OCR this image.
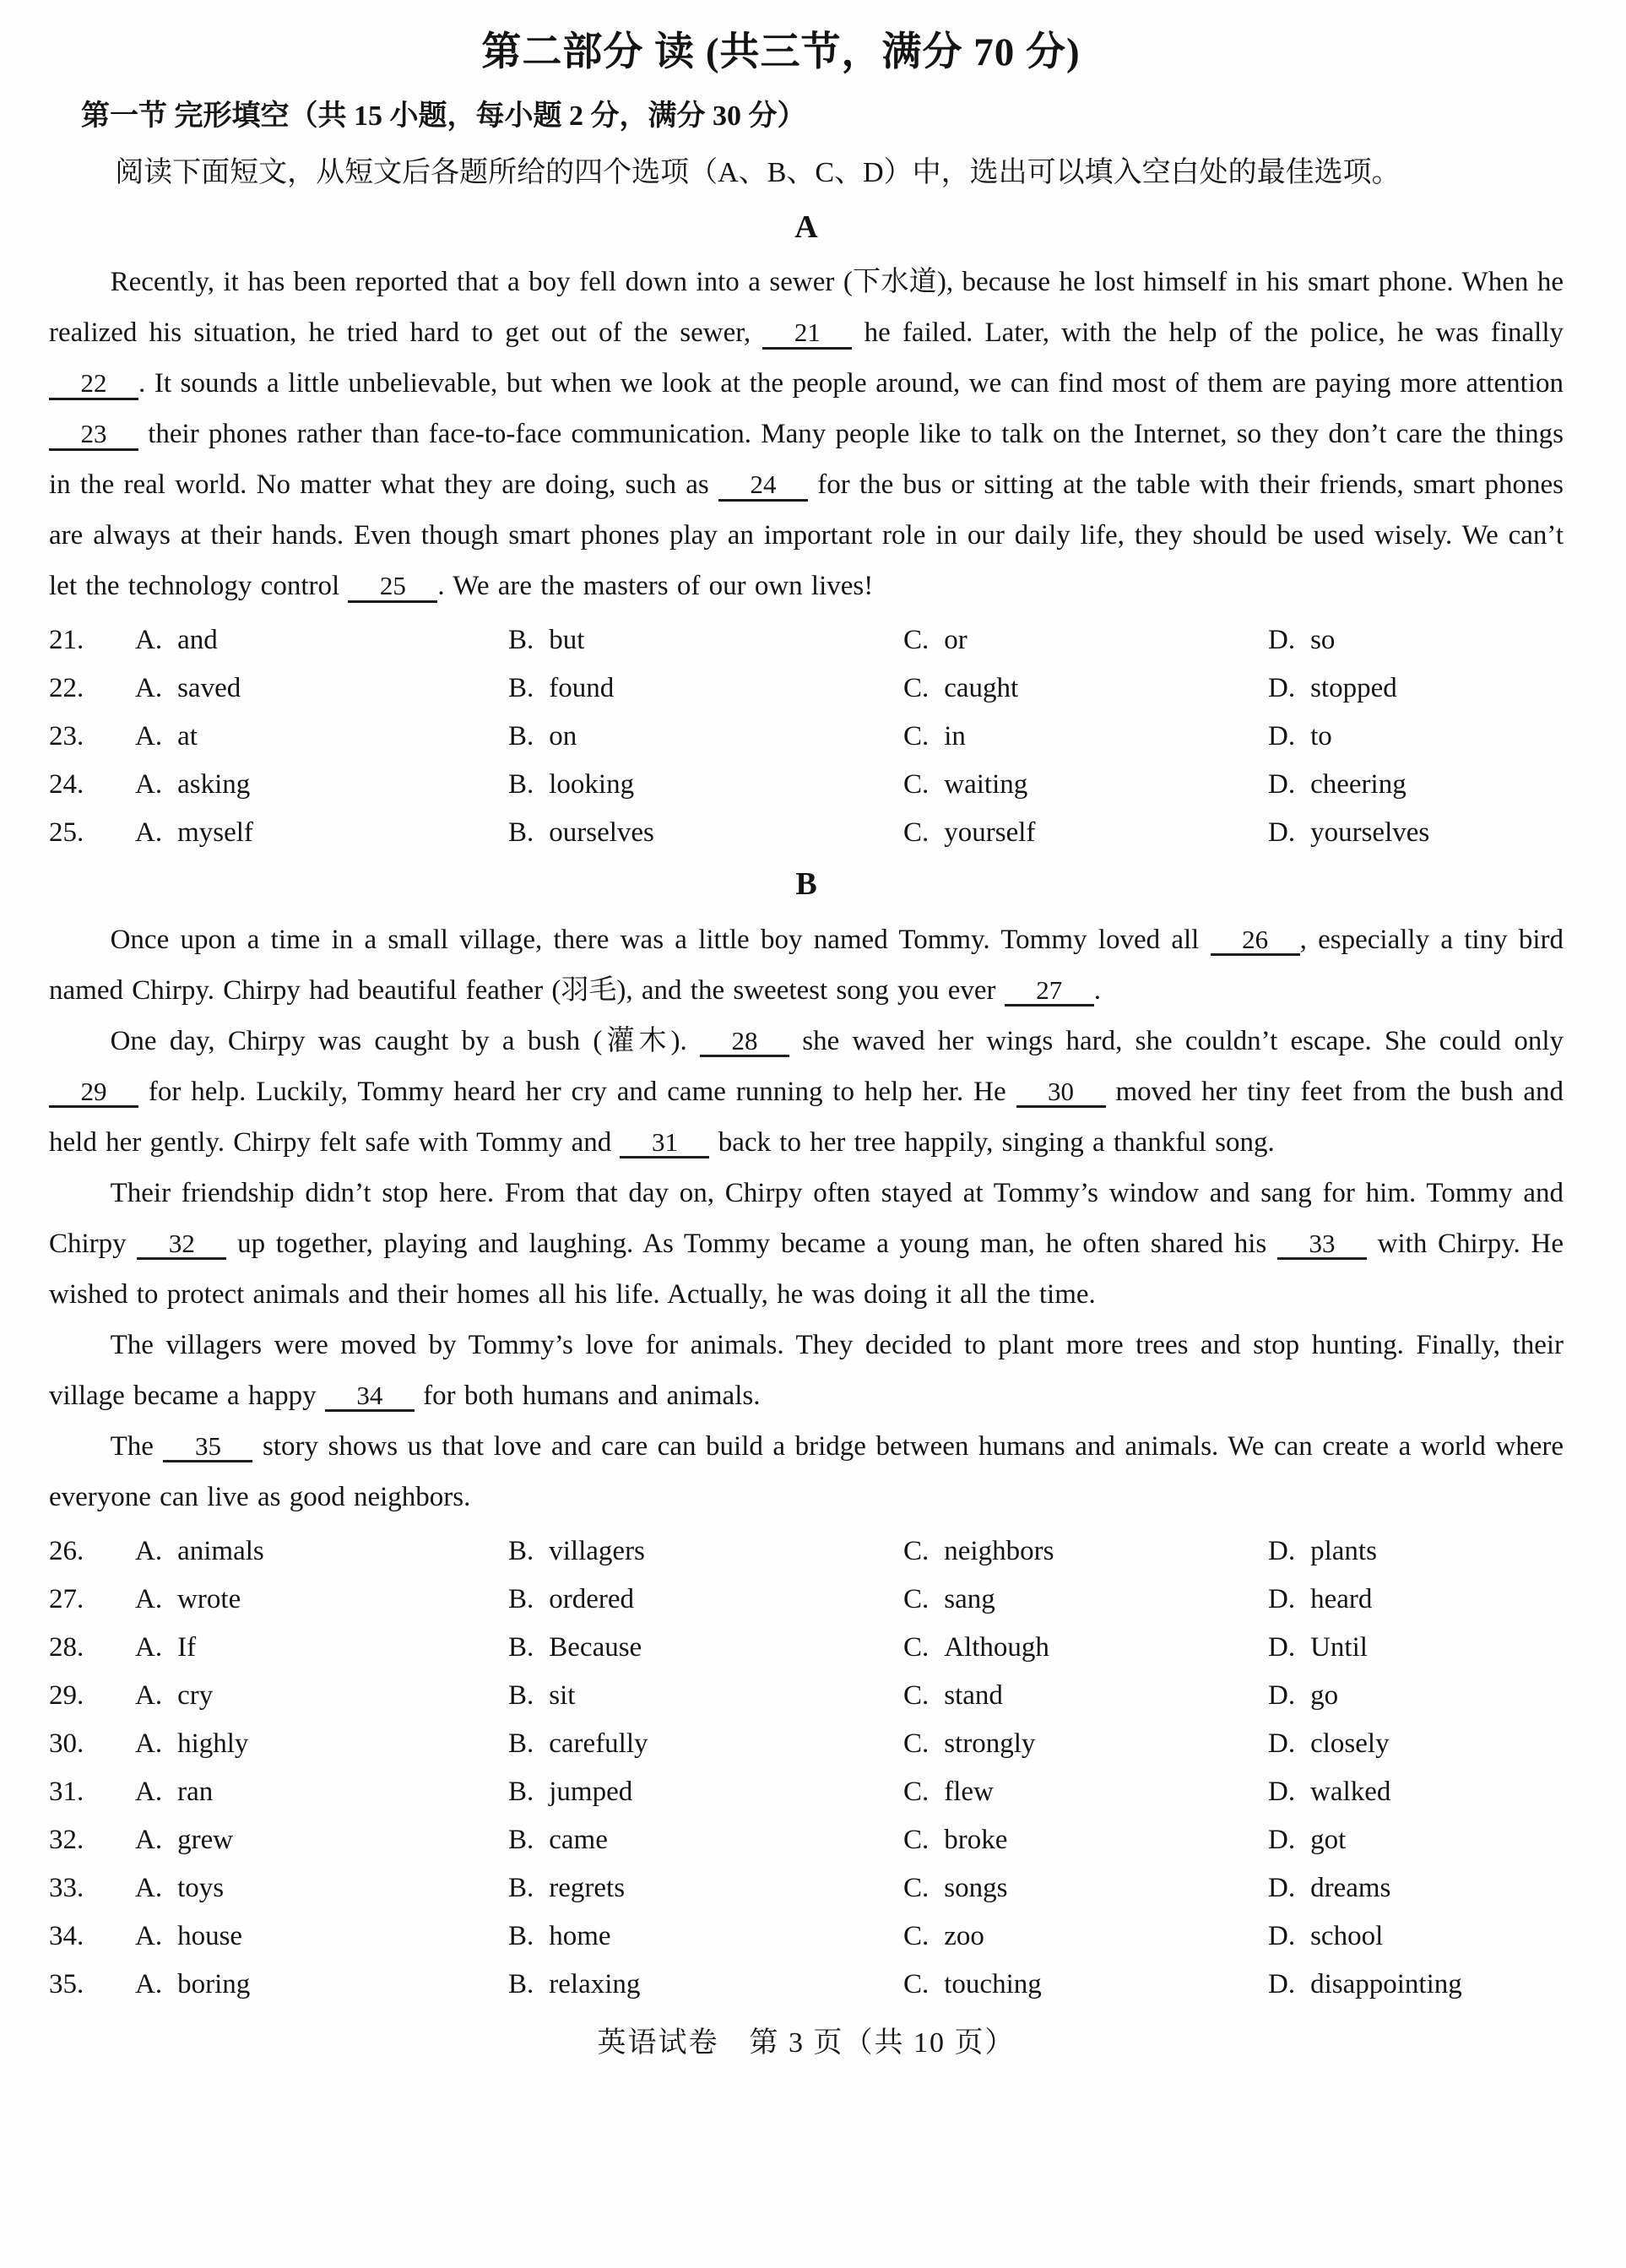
第二部分 读 (共三节，满分 70 分)
第一节 完形填空（共 15 小题，每小题 2 分，满分 30 分）

阅读下面短文，从短文后各题所给的四个选项（A、B、C、D）中，选出可以填入空白处的最佳选项。

A

Recently, it has been reported that a boy fell down into a sewer (下水道), because he lost himself in his smart phone. When he realized his situation, he tried hard to get out of the sewer, 21 he failed. Later, with the help of the police, he was finally 22 . It sounds a little unbelievable, but when we look at the people around, we can find most of them are paying more attention 23 their phones rather than face-to-face communication. Many people like to talk on the Internet, so they don’t care the things in the real world. No matter what they are doing, such as 24 for the bus or sitting at the table with their friends, smart phones are always at their hands. Even though smart phones play an important role in our daily life, they should be used wisely. We can’t let the technology control 25 . We are the masters of our own lives!

21.	A. and	B. but	C. or	D. so
22.	A. saved	B. found	C. caught	D. stopped
23.	A. at	B. on	C. in	D. to
24.	A. asking	B. looking	C. waiting	D. cheering
25.	A. myself	B. ourselves	C. yourself	D. yourselves
B

Once upon a time in a small village, there was a little boy named Tommy. Tommy loved all 26 , especially a tiny bird named Chirpy. Chirpy had beautiful feather (羽毛), and the sweetest song you ever 27 .

One day, Chirpy was caught by a bush (灌木). 28 she waved her wings hard, she couldn’t escape. She could only 29 for help. Luckily, Tommy heard her cry and came running to help her. He 30 moved her tiny feet from the bush and held her gently. Chirpy felt safe with Tommy and 31 back to her tree happily, singing a thankful song.

Their friendship didn’t stop here. From that day on, Chirpy often stayed at Tommy’s window and sang for him. Tommy and Chirpy 32 up together, playing and laughing. As Tommy became a young man, he often shared his 33 with Chirpy. He wished to protect animals and their homes all his life. Actually, he was doing it all the time.

The villagers were moved by Tommy’s love for animals. They decided to plant more trees and stop hunting. Finally, their village became a happy 34 for both humans and animals.

The 35 story shows us that love and care can build a bridge between humans and animals. We can create a world where everyone can live as good neighbors.

26.	A. animals	B. villagers	C. neighbors	D. plants
27.	A. wrote	B. ordered	C. sang	D. heard
28.	A. If	B. Because	C. Although	D. Until
29.	A. cry	B. sit	C. stand	D. go
30.	A. highly	B. carefully	C. strongly	D. closely
31.	A. ran	B. jumped	C. flew	D. walked
32.	A. grew	B. came	C. broke	D. got
33.	A. toys	B. regrets	C. songs	D. dreams
34.	A. house	B. home	C. zoo	D. school
35.	A. boring	B. relaxing	C. touching	D. disappointing
英语试卷　第 3 页（共 10 页）
